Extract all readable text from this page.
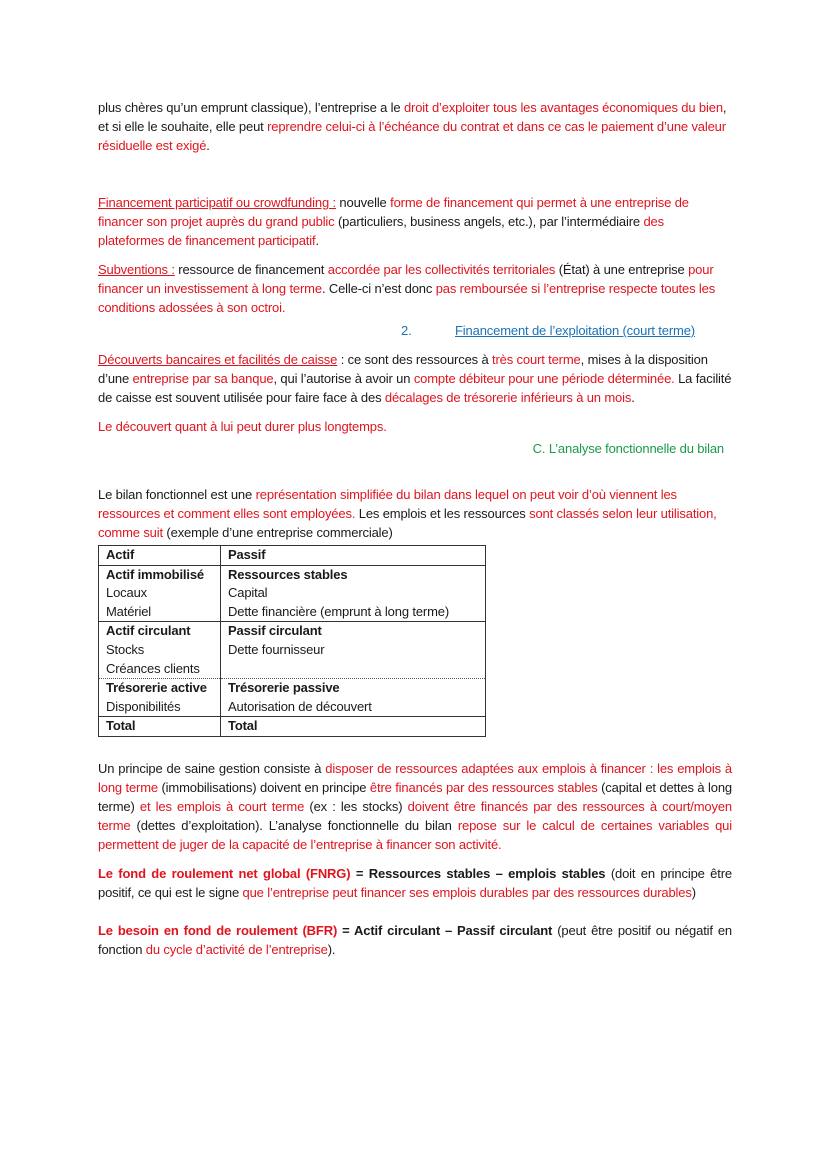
plus chères qu’un emprunt classique), l’entreprise a le droit d’exploiter tous les avantages économiques du bien, et si elle le souhaite, elle peut reprendre celui-ci à l’échéance du contrat et dans ce cas le paiement d’une valeur résiduelle est exigé.

Financement participatif ou crowdfunding : nouvelle forme de financement qui permet à une entreprise de financer son projet auprès du grand public (particuliers, business angels, etc.), par l’intermédiaire des plateformes de financement participatif.

Subventions : ressource de financement accordée par les collectivités territoriales (État) à une entreprise pour financer un investissement à long terme. Celle-ci n’est donc pas remboursée si l’entreprise respecte toutes les conditions adossées à son octroi.

2.	Financement de l’exploitation (court terme)

Découverts bancaires et facilités de caisse : ce sont des ressources à très court terme, mises à la disposition d’une entreprise par sa banque, qui l’autorise à avoir un compte débiteur pour une période déterminée. La facilité de caisse est souvent utilisée pour faire face à des décalages de trésorerie inférieurs à un mois.

Le découvert quant à lui peut durer plus longtemps.

C. L’analyse fonctionnelle du bilan

Le bilan fonctionnel est une représentation simplifiée du bilan dans lequel on peut voir d’où viennent les ressources et comment elles sont employées. Les emplois et les ressources sont classés selon leur utilisation, comme suit (exemple d’une entreprise commerciale)

Actif	Passif
Actif immobilisé	Ressources stables
Locaux	Capital
Matériel	Dette financière (emprunt à long terme)
Actif circulant	Passif circulant
Stocks	Dette fournisseur
Créances clients	
Trésorerie active	Trésorerie passive
Disponibilités	Autorisation de découvert
Total	Total

Un principe de saine gestion consiste à disposer de ressources adaptées aux emplois à financer : les emplois à long terme (immobilisations) doivent en principe être financés par des ressources stables (capital et dettes à long terme) et les emplois à court terme (ex : les stocks) doivent être financés par des ressources à court/moyen terme (dettes d’exploitation). L’analyse fonctionnelle du bilan repose sur le calcul de certaines variables qui permettent de juger de la capacité de l’entreprise à financer son activité.

Le fond de roulement net global (FNRG) = Ressources stables – emplois stables (doit en principe être positif, ce qui est le signe que l’entreprise peut financer ses emplois durables par des ressources durables)

Le besoin en fond de roulement (BFR) = Actif circulant – Passif circulant (peut être positif ou négatif en fonction du cycle d’activité de l’entreprise).
